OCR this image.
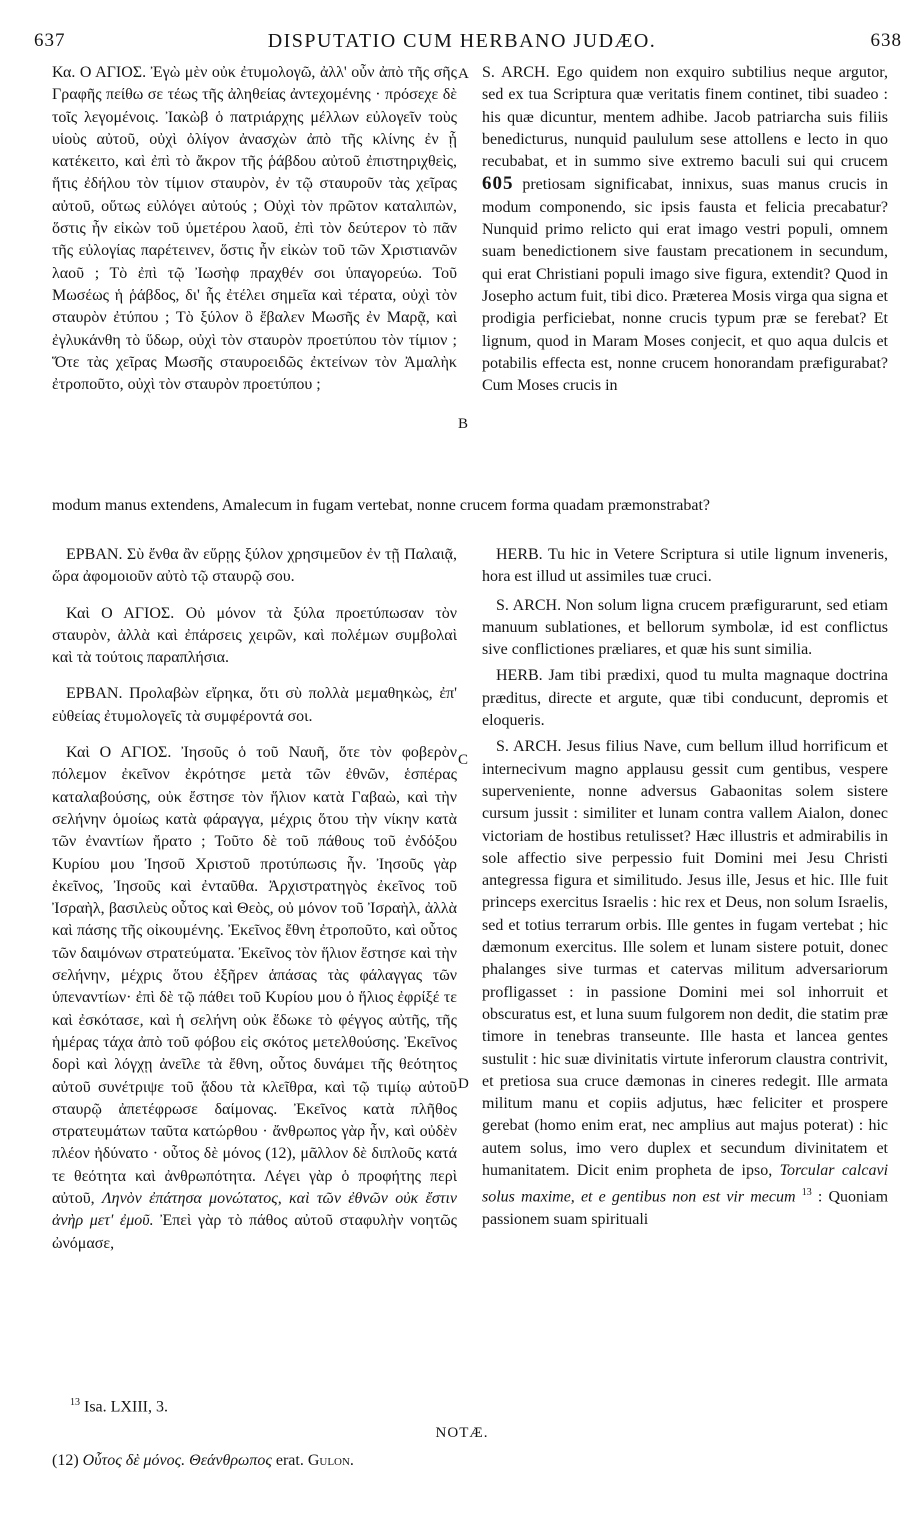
637	DISPUTATIO CUM HERBANO JUDÆO.	638

Κα. Ο ΑΓΙΟΣ. Ἐγὼ μὲν οὐκ ἐτυμολογῶ, ἀλλ' οὖν ἀπὸ τῆς σῆς Γραφῆς πείθω σε τέως τῆς ἀληθείας ἀντεχομένης · πρόσεχε δὲ τοῖς λεγομένοις. Ἰακὼβ ὁ πατριάρχης μέλλων εὐλογεῖν τοὺς υἱοὺς αὐτοῦ, οὐχὶ ὀλίγον ἀνασχὼν ἀπὸ τῆς κλίνης ἐν ᾗ κατέκειτο, καὶ ἐπὶ τὸ ἄκρον τῆς ῥάβδου αὐτοῦ ἐπιστηριχθεὶς, ἥτις ἐδήλου τὸν τίμιον σταυρὸν, ἐν τῷ σταυροῦν τὰς χεῖρας αὐτοῦ, οὕτως εὐλόγει αὐτούς ; Οὐχὶ τὸν πρῶτον καταλιπὼν, ὅστις ἦν εἰκὼν τοῦ ὑμετέρου λαοῦ, ἐπὶ τὸν δεύτερον τὸ πᾶν τῆς εὐλογίας παρέτεινεν, ὅστις ἦν εἰκὼν τοῦ τῶν Χριστιανῶν λαοῦ ; Τὸ ἐπὶ τῷ Ἰωσὴφ πραχθέν σοι ὑπαγορεύω. Τοῦ Μωσέως ἡ ῥάβδος, δι' ἧς ἐτέλει σημεῖα καὶ τέρατα, οὐχὶ τὸν σταυρὸν ἐτύπου ; Τὸ ξύλον ὃ ἔβαλεν Μωσῆς ἐν Μαρᾷ, καὶ ἐγλυκάνθη τὸ ὕδωρ, οὐχὶ τὸν σταυρὸν προετύπου τὸν τίμιον ; Ὅτε τὰς χεῖρας Μωσῆς σταυροειδῶς ἐκτείνων τὸν Ἀμαλὴκ ἐτροποῦτο, οὐχὶ τὸν σταυρὸν προετύπου ;

S. ARCH. Ego quidem non exquiro subtilius neque argutor, sed ex tua Scriptura quæ veritatis finem continet, tibi suadeo : his quæ dicuntur, mentem adhibe. Jacob patriarcha suis filiis benedicturus, nunquid paululum sese attollens e lecto in quo recubabat, et in summo sive extremo baculi sui qui crucem 605 pretiosam significabat, innixus, suas manus crucis in modum componendo, sic ipsis fausta et felicia precabatur? Nunquid primo relicto qui erat imago vestri populi, omnem suam benedictionem sive faustam precationem in secundum, qui erat Christiani populi imago sive figura, extendit? Quod in Josepho actum fuit, tibi dico. Præterea Mosis virga qua signa et prodigia perficiebat, nonne crucis typum præ se ferebat? Et lignum, quod in Maram Moses conjecit, et quo aqua dulcis et potabilis effecta est, nonne crucem honorandam præfigurabat? Cum Moses crucis in

modum manus extendens, Amalecum in fugam vertebat, nonne crucem forma quadam præmonstrabat?

ΕΡΒΑΝ. Σὺ ἔνθα ἂν εὕρῃς ξύλον χρησιμεῦον ἐν τῇ Παλαιᾷ, ὥρα ἀφομοιοῦν αὐτὸ τῷ σταυρῷ σου.

Καὶ Ο ΑΓΙΟΣ. Οὐ μόνον τὰ ξύλα προετύπωσαν τὸν σταυρὸν, ἀλλὰ καὶ ἐπάρσεις χειρῶν, καὶ πολέμων συμβολαὶ καὶ τὰ τούτοις παραπλήσια.

ΕΡΒΑΝ. Προλαβὼν εἴρηκα, ὅτι σὺ πολλὰ μεμαθηκὼς, ἐπ' εὐθείας ἐτυμολογεῖς τὰ συμφέροντά σοι.

Καὶ Ο ΑΓΙΟΣ. Ἰησοῦς ὁ τοῦ Ναυῆ, ὅτε τὸν φοβερὸν πόλεμον ἐκεῖνον ἐκρότησε μετὰ τῶν ἐθνῶν, ἑσπέρας καταλαβούσης, οὐκ ἔστησε τὸν ἥλιον κατὰ Γαβαὼ, καὶ τὴν σελήνην ὁμοίως κατὰ φάραγγα, μέχρις ὅτου τὴν νίκην κατὰ τῶν ἐναντίων ἤρατο ; Τοῦτο δὲ τοῦ πάθους τοῦ ἐνδόξου Κυρίου μου Ἰησοῦ Χριστοῦ προτύπωσις ἦν. Ἰησοῦς γὰρ ἐκεῖνος, Ἰησοῦς καὶ ἐνταῦθα. Ἀρχιστρατηγὸς ἐκεῖνος τοῦ Ἰσραὴλ, βασιλεὺς οὗτος καὶ Θεὸς, οὐ μόνον τοῦ Ἰσραὴλ, ἀλλὰ καὶ πάσης τῆς οἰκουμένης. Ἐκεῖνος ἔθνη ἐτροποῦτο, καὶ οὗτος τῶν δαιμόνων στρατεύματα. Ἐκεῖνος τὸν ἥλιον ἔστησε καὶ τὴν σελήνην, μέχρις ὅτου ἐξῆρεν ἁπάσας τὰς φάλαγγας τῶν ὑπεναντίων· ἐπὶ δὲ τῷ πάθει τοῦ Κυρίου μου ὁ ἥλιος ἐφρίξέ τε καὶ ἐσκότασε, καὶ ἡ σελήνη οὐκ ἔδωκε τὸ φέγγος αὐτῆς, τῆς ἡμέρας τάχα ἀπὸ τοῦ φόβου εἰς σκότος μετελθούσης. Ἐκεῖνος δορὶ καὶ λόγχῃ ἀνεῖλε τὰ ἔθνη, οὗτος δυνάμει τῆς θεότητος αὐτοῦ συνέτριψε τοῦ ᾅδου τὰ κλεῖθρα, καὶ τῷ τιμίῳ αὐτοῦ σταυρῷ ἀπετέφρωσε δαίμονας. Ἐκεῖνος κατὰ πλῆθος στρατευμάτων ταῦτα κατώρθου · ἄνθρωπος γὰρ ἦν, καὶ οὐδὲν πλέον ἠδύνατο · οὗτος δὲ μόνος (12), μᾶλλον δὲ διπλοῦς κατά τε θεότητα καὶ ἀνθρωπότητα. Λέγει γὰρ ὁ προφήτης περὶ αὐτοῦ, Ληνὸν ἐπάτησα μονώτατος, καὶ τῶν ἐθνῶν οὐκ ἔστιν ἀνὴρ μετ' ἐμοῦ. Ἐπεὶ γὰρ τὸ πάθος αὐτοῦ σταφυλὴν νοητῶς ὠνόμασε,

HERB. Tu hic in Vetere Scriptura si utile lignum inveneris, hora est illud ut assimiles tuæ cruci.

S. ARCH. Non solum ligna crucem præfigurarunt, sed etiam manuum sublationes, et bellorum symbolæ, id est conflictus sive conflictiones præliares, et quæ his sunt similia.

HERB. Jam tibi prædixi, quod tu multa magnaque doctrina præditus, directe et argute, quæ tibi conducunt, depromis et eloqueris.

S. ARCH. Jesus filius Nave, cum bellum illud horrificum et internecivum magno applausu gessit cum gentibus, vespere superveniente, nonne adversus Gabaonitas solem sistere cursum jussit : similiter et lunam contra vallem Aialon, donec victoriam de hostibus retulisset? Hæc illustris et admirabilis in sole affectio sive perpessio fuit Domini mei Jesu Christi antegressa figura et similitudo. Jesus ille, Jesus et hic. Ille fuit princeps exercitus Israelis : hic rex et Deus, non solum Israelis, sed et totius terrarum orbis. Ille gentes in fugam vertebat ; hic dæmonum exercitus. Ille solem et lunam sistere potuit, donec phalanges sive turmas et catervas militum adversariorum profligasset : in passione Domini mei sol inhorruit et obscuratus est, et luna suum fulgorem non dedit, die statim præ timore in tenebras transeunte. Ille hasta et lancea gentes sustulit : hic suæ divinitatis virtute inferorum claustra contrivit, et pretiosa sua cruce dæmonas in cineres redegit. Ille armata militum manu et copiis adjutus, hæc feliciter et prospere gerebat (homo enim erat, nec amplius aut majus poterat) : hic autem solus, imo vero duplex et secundum divinitatem et humanitatem. Dicit enim propheta de ipso, Torcular calcavi solus maxime, et e gentibus non est vir mecum $^{13}$ : Quoniam passionem suam spirituali

A
B
C
D
$^{13}$ Isa. LXIII, 3.
NOTÆ.
(12) Οὗτος δὲ μόνος. Θεάνθρωπος erat. Gulon.
